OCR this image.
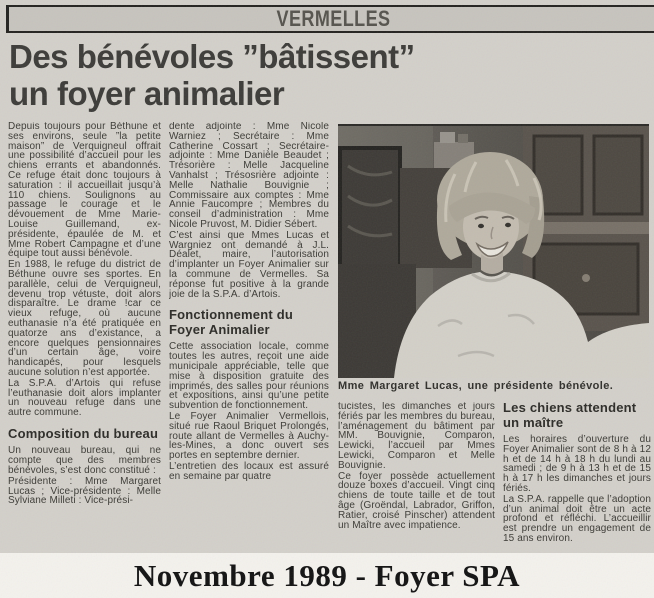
VERMELLES
Des bénévoles ”bâtissent”
un foyer animalier

Depuis toujours pour Béthune et ses environs, seule ”la petite maison” de Verquigneul offrait une possibilité d’accueil pour les chiens errants et abandonnés. Ce refuge était donc toujours à saturation : il accueillait jusqu’à 110 chiens. Soulignons au passage le courage et le dévouement de Mme Marie-Louise Guillemand, ex-présidente, épaulée de M. et Mme Robert Campagne et d’une équipe tout aussi bénévole.

En 1988, le refuge du district de Béthune ouvre ses sportes. En parallèle, celui de Verquigneul, devenu trop vétuste, doit alors disparaître. Le drame !car ce vieux refuge, où aucune euthanasie n’a été pratiquée en quatorze ans d’existance, a encore quelques pensionnaires d’un certain âge, voire handicapés, pour lesquels aucune solution n’est apportée.

La S.P.A. d’Artois qui refuse l’euthanasie doit alors implanter un nouveau refuge dans une autre commune.

Composition du bureau

Un nouveau bureau, qui ne compte que des membres bénévoles, s’est donc constitué :

Présidente : Mme Margaret Lucas ; Vice-présidente : Melle Sylviane Milleti : Vice-prési-

dente adjointe : Mme Nicole Warniez ; Secrétaire : Mme Catherine Cossart ; Secrétaire-adjointe : Mme Danièle Beaudet ; Trésorière : Melle Jacqueline Vanhalst ; Trésosrière adjointe : Melle Nathalie Bouvignie ; Commissaire aux comptes : Mme Annie Faucompre ; Membres du conseil d’administration : Mme Nicole Pruvost, M. Didier Sébert.

C’est ainsi que Mmes Lucas et Wargniez ont demandé à J.L. Déalet, maire, l’autorisation d’implanter un Foyer Animalier sur la commune de Vermelles. Sa réponse fut positive à la grande joie de la S.P.A. d’Artois.

Fonctionnement du Foyer Animalier

Cette association locale, comme toutes les autres, reçoit une aide municipale appréciable, telle que mise à disposition gratuite des imprimés, des salles pour réunions et expositions, ainsi qu’une petite subvention de fonctionnement.

Le Foyer Animalier Vermellois, situé rue Raoul Briquet Prolongés, route allant de Vermelles à Auchy-les-Mines, a donc ouvert ses portes en septembre dernier.

L’entretien des locaux est assuré en semaine par quatre

Mme Margaret Lucas, une présidente bénévole.

tucistes, les dimanches et jours fériés par les membres du bureau, l’aménagement du bâtiment par MM. Bouvignie, Comparon, Lewicki, l’accueil par Mmes Lewicki, Comparon et Melle Bouvignie.

Ce foyer possède actuellement douze boxes d’accueil. Vingt cinq chiens de toute taille et de tout âge (Groëndal, Labrador, Griffon, Ratier, croisé Pinscher) attendent un Maître avec impatience.

Les chiens attendent un maître

Les horaires d’ouverture du Foyer Animalier sont de 8 h à 12 h et de 14 h à 18 h du lundi au samedi ; de 9 h à 13 h et de 15 h à 17 h les dimanches et jours fériés.

La S.P.A. rappelle que l’adoption d’un animal doit être un acte profond et réfléchi. L’accueillir est prendre un engagement de 15 ans environ.

Novembre 1989 - Foyer SPA
